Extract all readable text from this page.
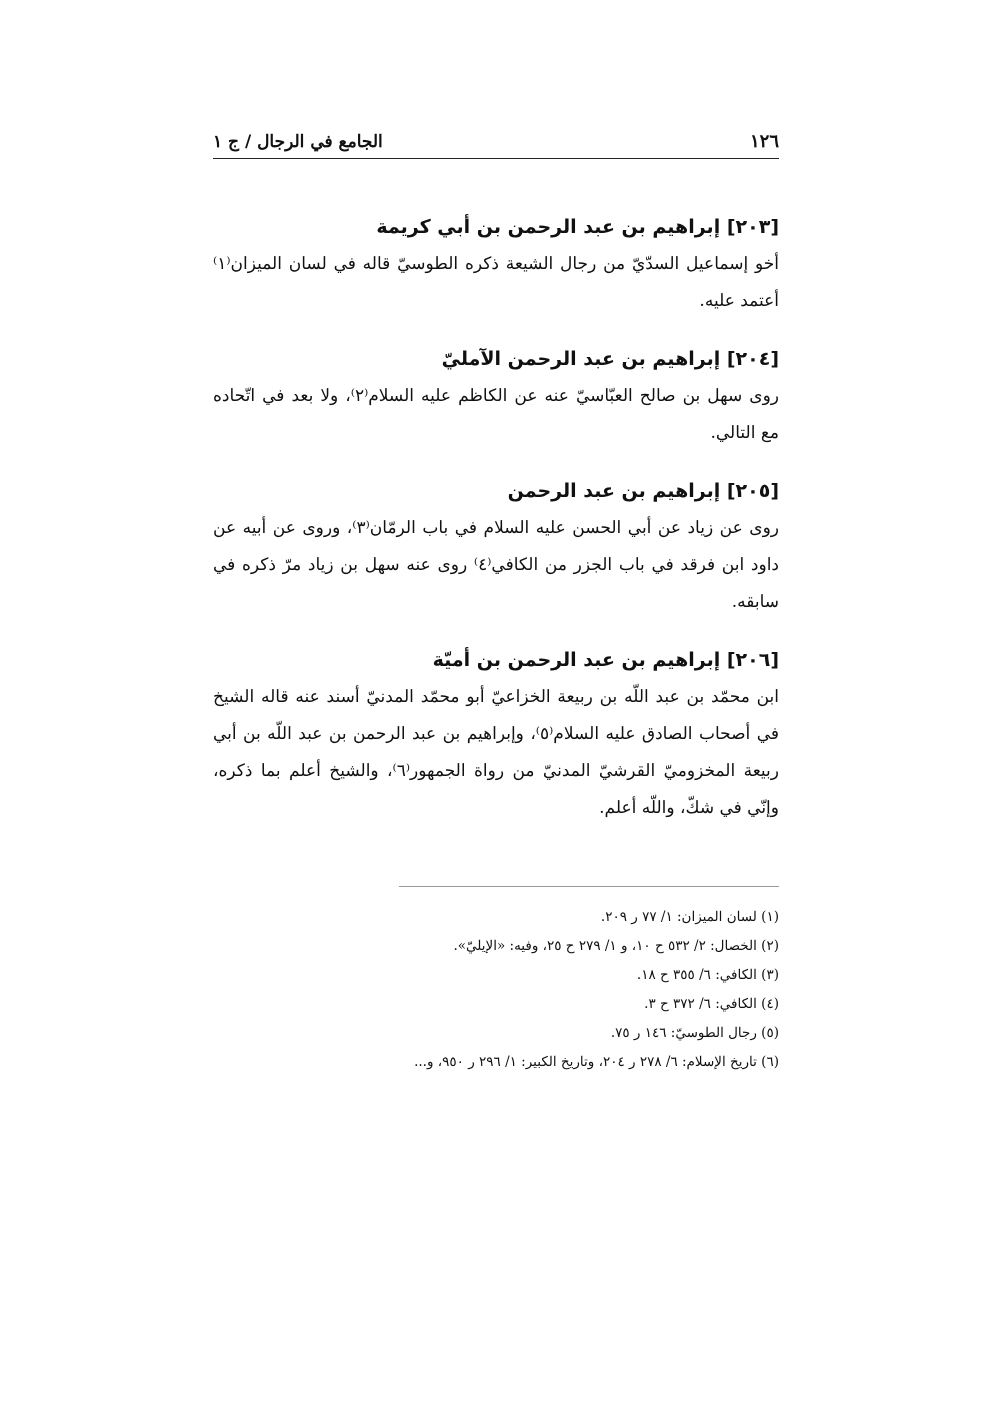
١٢٦
الجامع في الرجال / ج ١
[٢٠٣] إبراهيم بن عبد الرحمن بن أبي كريمة

أخو إسماعيل السدّيّ من رجال الشيعة ذكره الطوسيّ قاله في لسان الميزان⁽١⁾ أعتمد عليه.

[٢٠٤] إبراهيم بن عبد الرحمن الآمليّ

روى سهل بن صالح العبّاسيّ عنه عن الكاظم عليه السلام⁽٢⁾، ولا بعد في اتّحاده مع التالي.

[٢٠٥] إبراهيم بن عبد الرحمن

روى عن زياد عن أبي الحسن عليه السلام في باب الرمّان⁽٣⁾، وروى عن أبيه عن داود ابن فرقد في باب الجزر من الكافي⁽٤⁾ روى عنه سهل بن زياد مرّ ذكره في سابقه.

[٢٠٦] إبراهيم بن عبد الرحمن بن أميّة

ابن محمّد بن عبد اللّه بن ربيعة الخزاعيّ أبو محمّد المدنيّ أسند عنه قاله الشيخ في أصحاب الصادق عليه السلام⁽٥⁾، وإبراهيم بن عبد الرحمن بن عبد اللّه بن أبي ربيعة المخزوميّ القرشيّ المدنيّ من رواة الجمهور⁽٦⁾، والشيخ أعلم بما ذكره، وإنّي في شكّ، واللّه أعلم.

(١) لسان الميزان: ١/ ٧٧ ر ٢٠٩.
(٢) الخصال: ٢/ ٥٣٢ ح ١٠، و ١/ ٢٧٩ ح ٢٥، وفيه: «الإيليّ».
(٣) الكافي: ٦/ ٣٥٥ ح ١٨.
(٤) الكافي: ٦/ ٣٧٢ ح ٣.
(٥) رجال الطوسيّ: ١٤٦ ر ٧٥.
(٦) تاريخ الإسلام: ٦/ ٢٧٨ ر ٢٠٤، وتاريخ الكبير: ١/ ٢٩٦ ر ٩٥٠، و...
